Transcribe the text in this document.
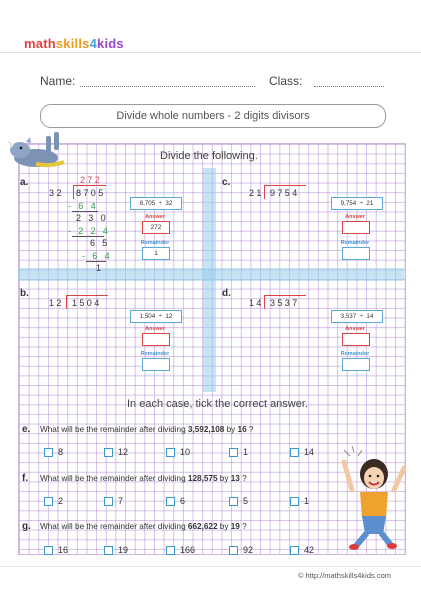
mathskills4kids
Name:	Class:
Divide whole numbers - 2 digits divisors
Divide the following.
a.	272
32 8705
- 6 4
2 3 0
- 2 2 4
6 5
- 6 4
1
8,705  ÷  32
Answer
272
Remainder
1
c.
21 9754
9,754  ÷  21
Answer
Remainder
b.
12 1504
1,504  ÷  12
Answer
Remainder
d.
14 3537
3,537  ÷  14
Answer
Remainder
In each case, tick the correct answer.
e. What will be the remainder after dividing 3,592,108 by 16 ?
8	12	10	1	14
f. What will be the remainder after dividing 128,575 by 13 ?
2	7	6	5	1
g. What will be the remainder after dividing 662,622 by 19 ?
16	19	166	92	42
© http://mathskills4kids.com
